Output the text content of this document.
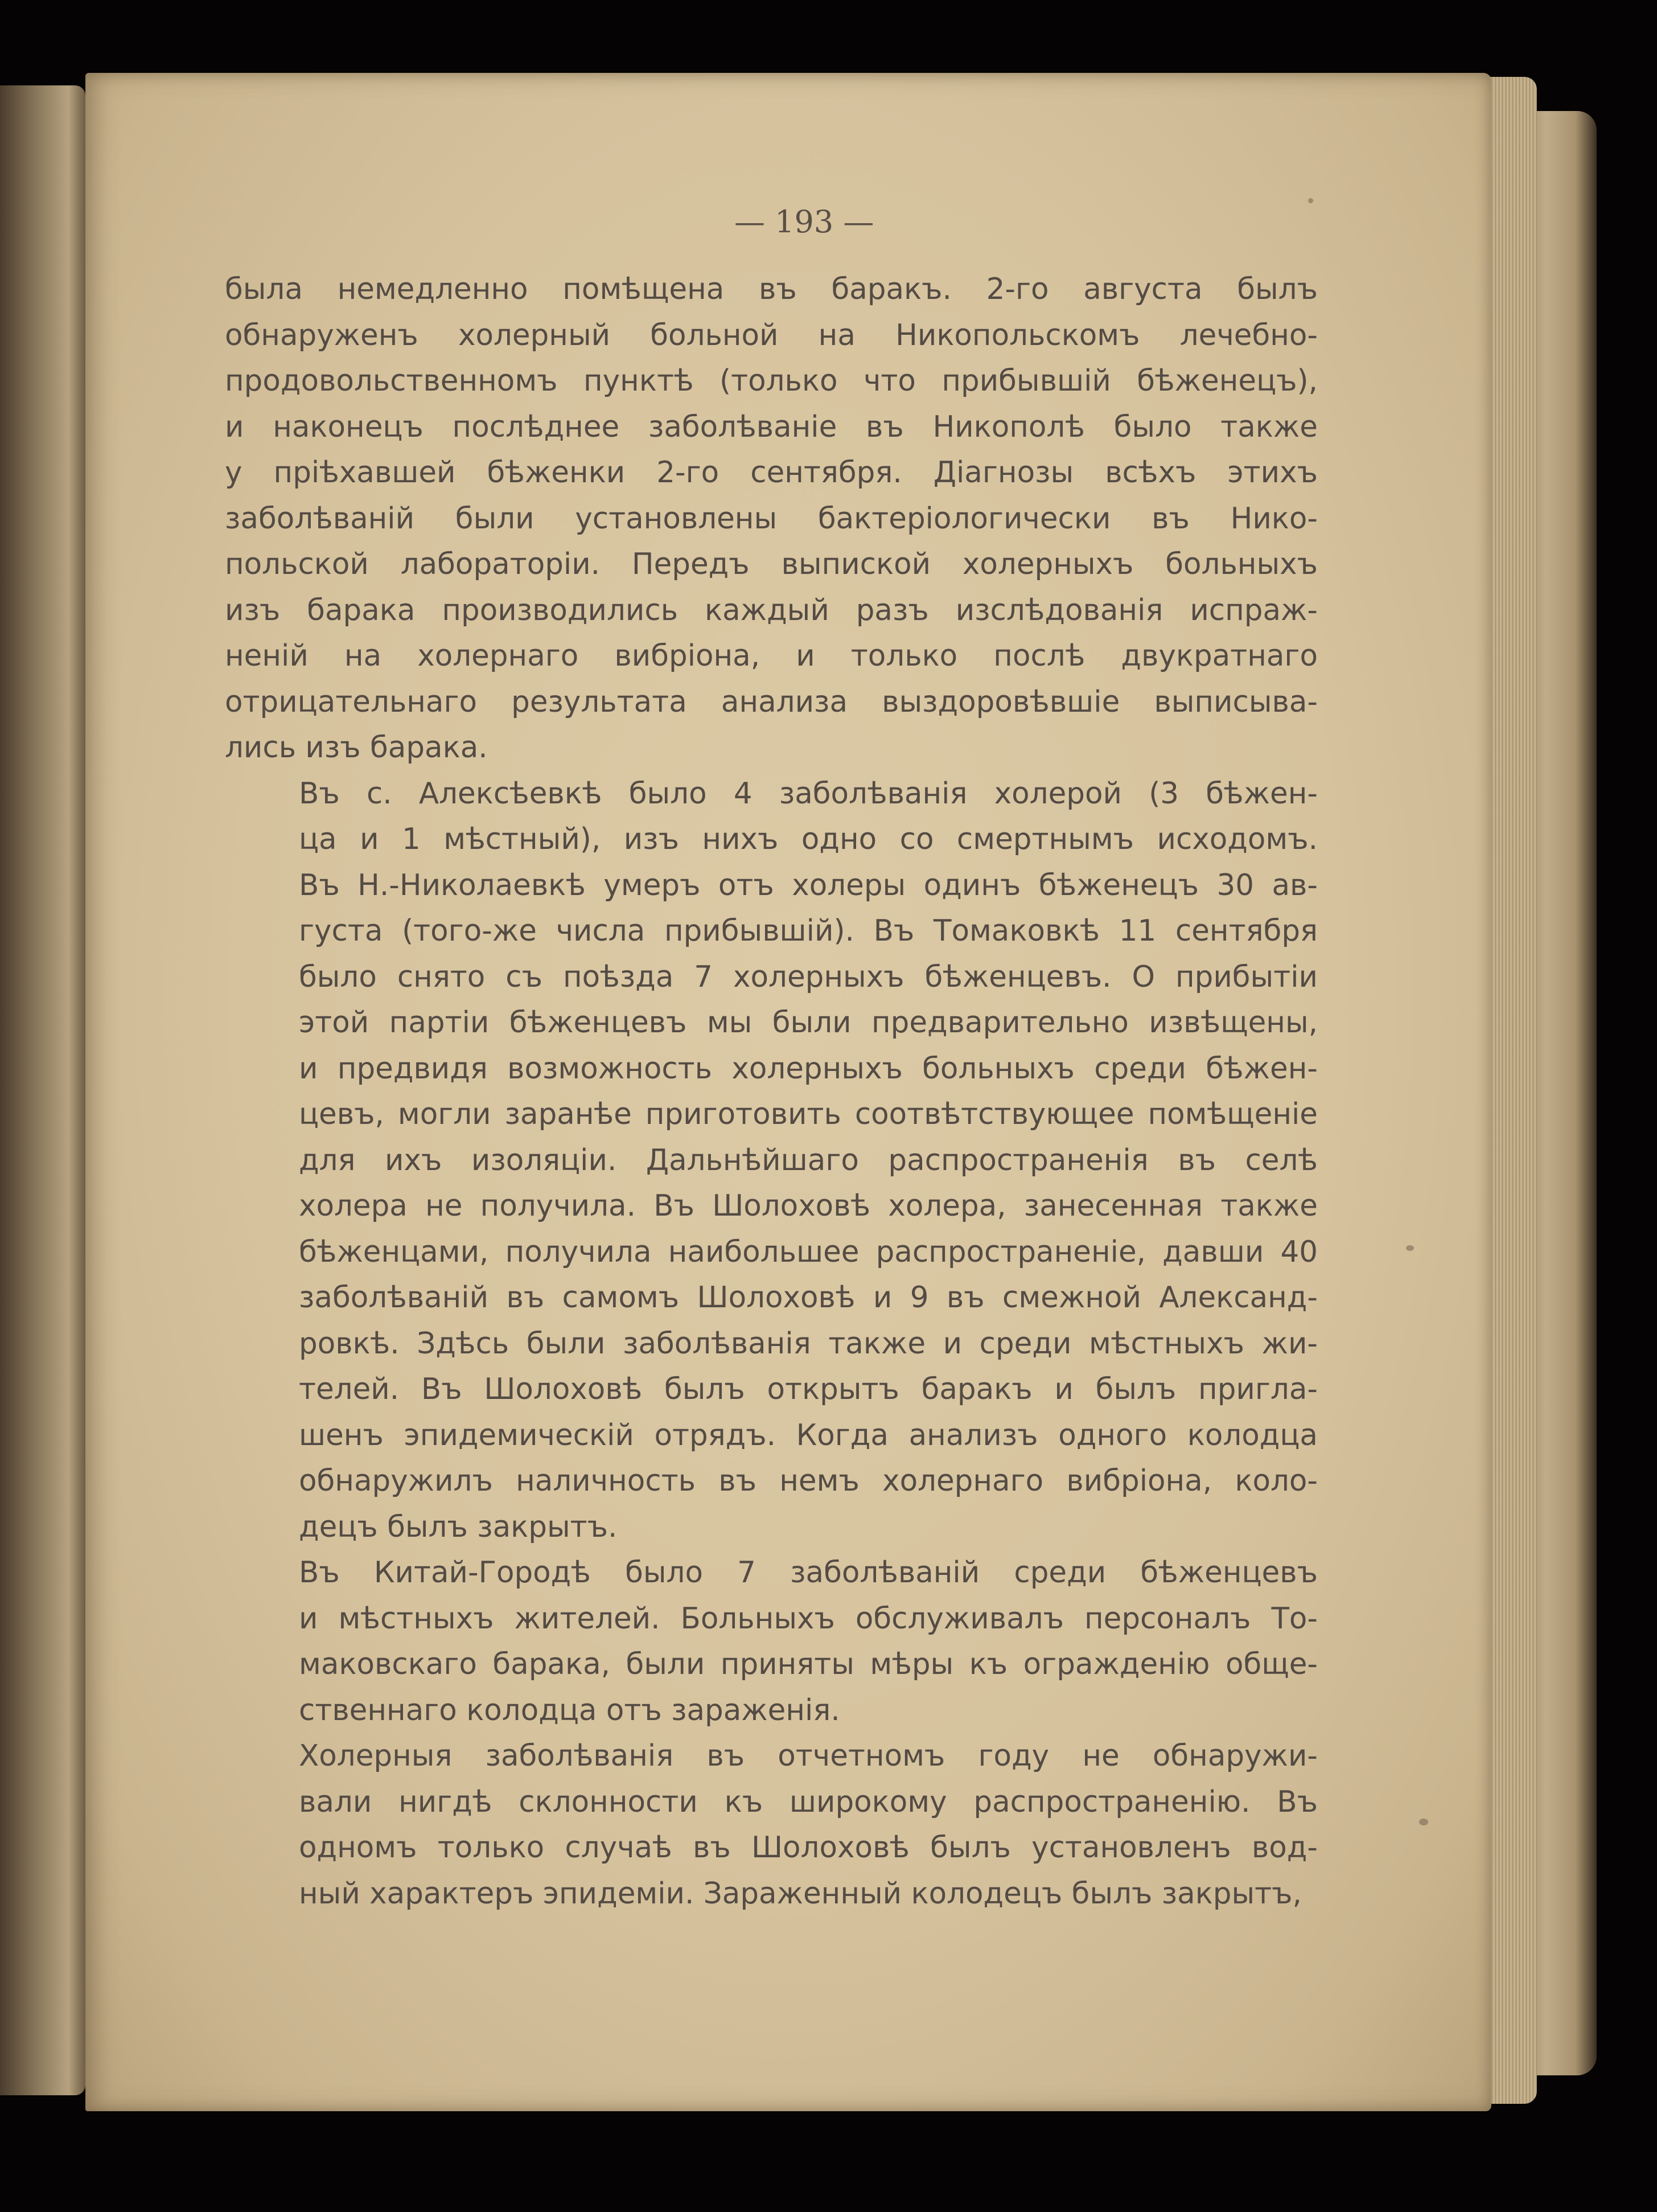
— 193 —
была немедленно помѣщена въ баракъ. 2-го августа былъ
обнаруженъ холерный больной на Никопольскомъ лечебно-
продовольственномъ пунктѣ (только что прибывшій бѣженецъ),
и наконецъ послѣднее заболѣваніе въ Никополѣ было также
у пріѣхавшей бѣженки 2-го сентября. Діагнозы всѣхъ этихъ
заболѣваній были установлены бактеріологически въ Нико-
польской лабораторіи. Передъ выпиской холерныхъ больныхъ
изъ барака производились каждый разъ изслѣдованія испраж-
неній на холернаго вибріона, и только послѣ двукратнаго
отрицательнаго результата анализа выздоровѣвшіе выписыва-
лись изъ барака.
Въ с. Алексѣевкѣ было 4 заболѣванія холерой (3 бѣжен-
ца и 1 мѣстный), изъ нихъ одно со смертнымъ исходомъ.
Въ Н.-Николаевкѣ умеръ отъ холеры одинъ бѣженецъ 30 ав-
густа (того-же числа прибывшій). Въ Томаковкѣ 11 сентября
было снято съ поѣзда 7 холерныхъ бѣженцевъ. О прибытіи
этой партіи бѣженцевъ мы были предварительно извѣщены,
и предвидя возможность холерныхъ больныхъ среди бѣжен-
цевъ, могли заранѣе приготовить соотвѣтствующее помѣщеніе
для ихъ изоляціи. Дальнѣйшаго распространенія въ селѣ
холера не получила. Въ Шолоховѣ холера, занесенная также
бѣженцами, получила наибольшее распространеніе, давши 40
заболѣваній въ самомъ Шолоховѣ и 9 въ смежной Александ-
ровкѣ. Здѣсь были заболѣванія также и среди мѣстныхъ жи-
телей. Въ Шолоховѣ былъ открытъ баракъ и былъ пригла-
шенъ эпидемическій отрядъ. Когда анализъ одного колодца
обнаружилъ наличность въ немъ холернаго вибріона, коло-
децъ былъ закрытъ.
Въ Китай-Городѣ было 7 заболѣваній среди бѣженцевъ
и мѣстныхъ жителей. Больныхъ обслуживалъ персоналъ То-
маковскаго барака, были приняты мѣры къ огражденію обще-
ственнаго колодца отъ зараженія.
Холерныя заболѣванія въ отчетномъ году не обнаружи-
вали нигдѣ склонности къ широкому распространенію. Въ
одномъ только случаѣ въ Шолоховѣ былъ установленъ вод-
ный характеръ эпидеміи. Зараженный колодецъ былъ закрытъ,
